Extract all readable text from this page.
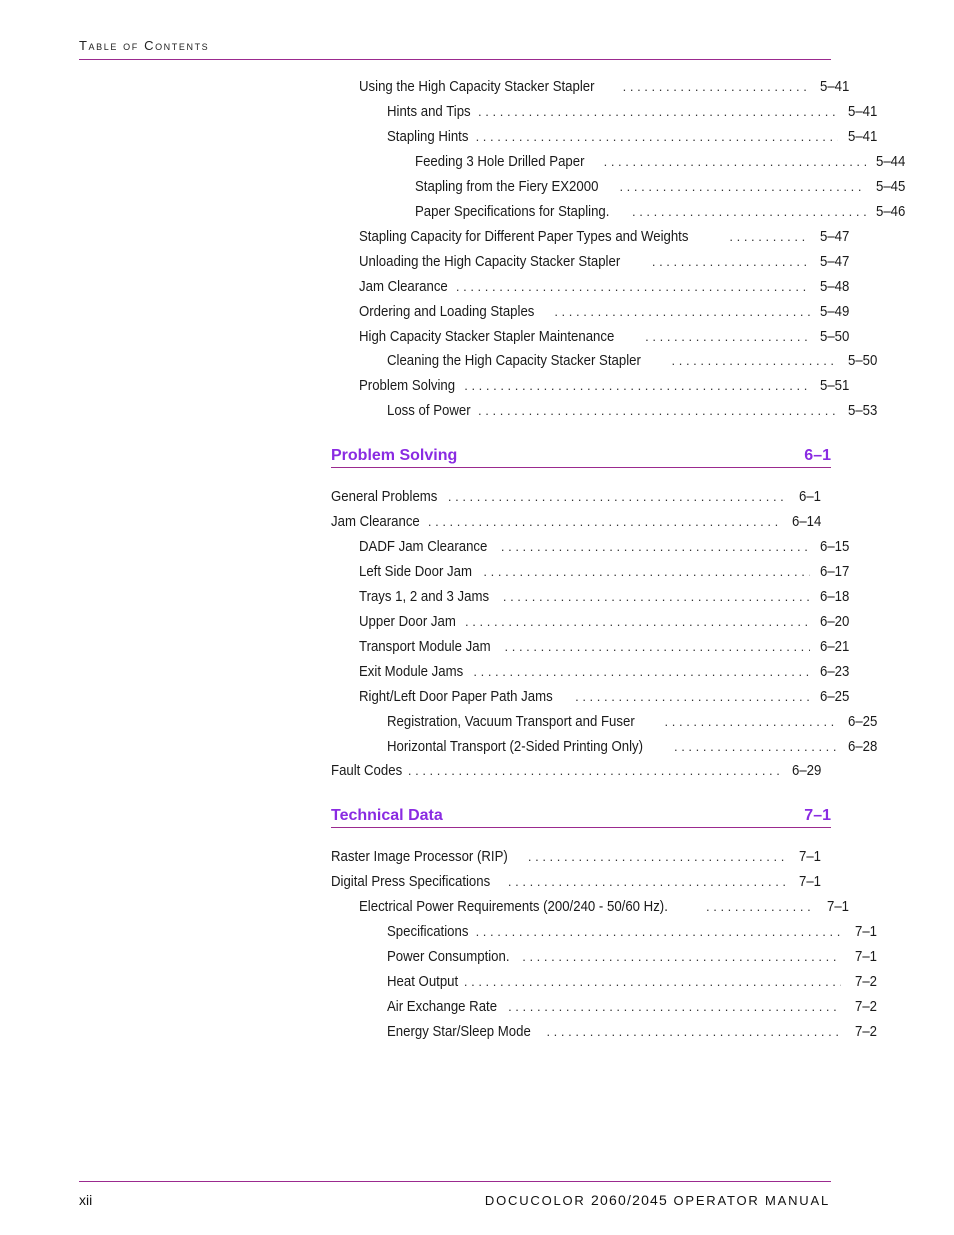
Table of Contents
Using the High Capacity Stacker Stapler . . .	5–41
Hints and Tips . . .	5–41
Stapling Hints . . .	5–41
Feeding 3 Hole Drilled Paper . . .	5–44
Stapling from the Fiery EX2000 . . .	5–45
Paper Specifications for Stapling. . . .	5–46
Stapling Capacity for Different Paper Types and Weights . . .	5–47
Unloading the High Capacity Stacker Stapler . . .	5–47
Jam Clearance . . .	5–48
Ordering and Loading Staples . . .	5–49
High Capacity Stacker Stapler Maintenance . . .	5–50
Cleaning the High Capacity Stacker Stapler . . .	5–50
Problem Solving . . .	5–51
Loss of Power . . .	5–53
General Problems . . .	6–1
Jam Clearance . . .	6–14
DADF Jam Clearance . . .	6–15
Left Side Door Jam . . .	6–17
Trays 1, 2 and 3 Jams . . .	6–18
Upper Door Jam . . .	6–20
Transport Module Jam . . .	6–21
Exit Module Jams . . .	6–23
Right/Left Door Paper Path Jams . . .	6–25
Registration, Vacuum Transport and Fuser . . .	6–25
Horizontal Transport (2-Sided Printing Only) . . .	6–28
Fault Codes . . .	6–29
Raster Image Processor (RIP) . . .	7–1
Digital Press Specifications . . .	7–1
Electrical Power Requirements (200/240 - 50/60 Hz). . . .	7–1
Specifications . . .	7–1
Power Consumption. . . .	7–1
Heat Output . . .	7–2
Air Exchange Rate . . .	7–2
Energy Star/Sleep Mode . . .	7–2
Problem Solving	6–1
Technical Data	7–1
xii	DOCUCOLOR 2060/2045 OPERATOR MANUAL
